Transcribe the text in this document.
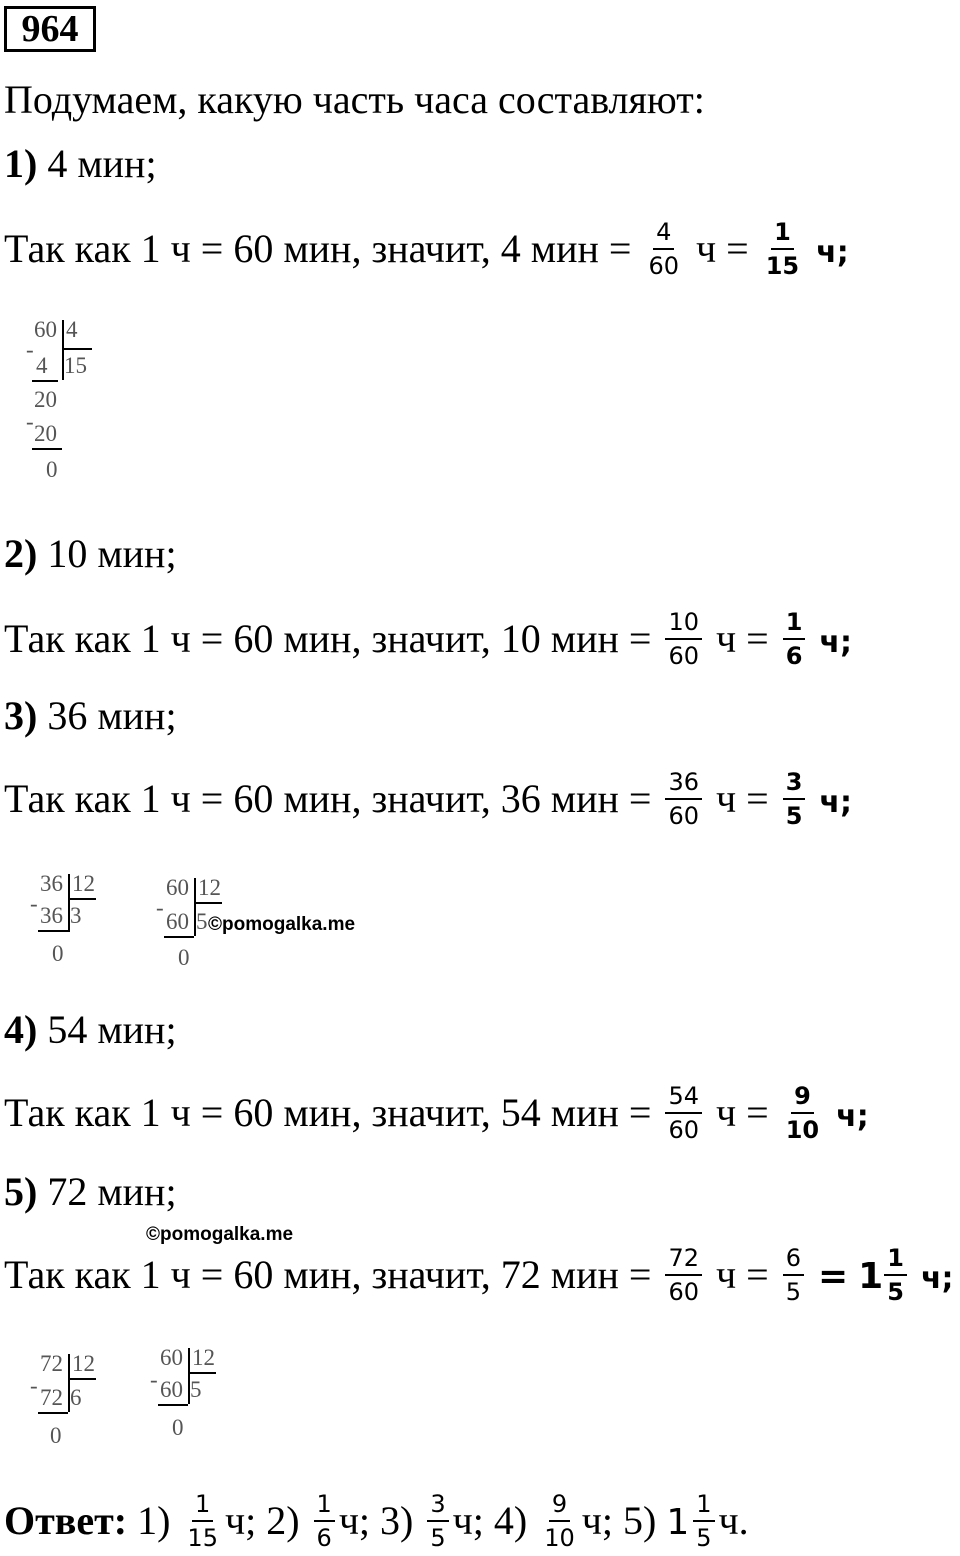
964
Подумаем, какую часть часа составляют:
1) 4 мин;
Так как 1 ч = 60 мин, значит, 4 мин = $\frac{4}{60}$ $ч = \frac{1}{15} ч$;
60 4
15
-
4
20
- 20
0
2) 10 мин;
Так как 1 ч = 60 мин, значит, 10 мин = $\frac{10}{60}$ $ч = \frac{1}{6} ч$;
3) 36 мин;
Так как 1 ч = 60 мин, значит, 36 мин = $\frac{36}{60}$ $ч = \frac{3}{5} ч$;
36 12
3
- 36
0
60 12
5
-
60
0
©pomogalka.me
4) 54 мин;
Так как 1 ч = 60 мин, значит, 54 мин = $\frac{54}{60}$ $ч = \frac{9}{10} ч$;
5) 72 мин;
©pomogalka.me
Так как 1 ч = 60 мин, значит, 72 мин = $\frac{72}{60}$ $ч = \frac{6}{5} = 1 \frac{1}{5} ч$;
72 12
6
- 72
0
60 12
5
- 60
0
Ответ: $1) \frac{1}{15} ч$; $2) \frac{1}{6} ч$; $3) \frac{3}{5} ч$; $4) \frac{9}{10} ч$; 5) $1 \frac{1}{5} ч$.
